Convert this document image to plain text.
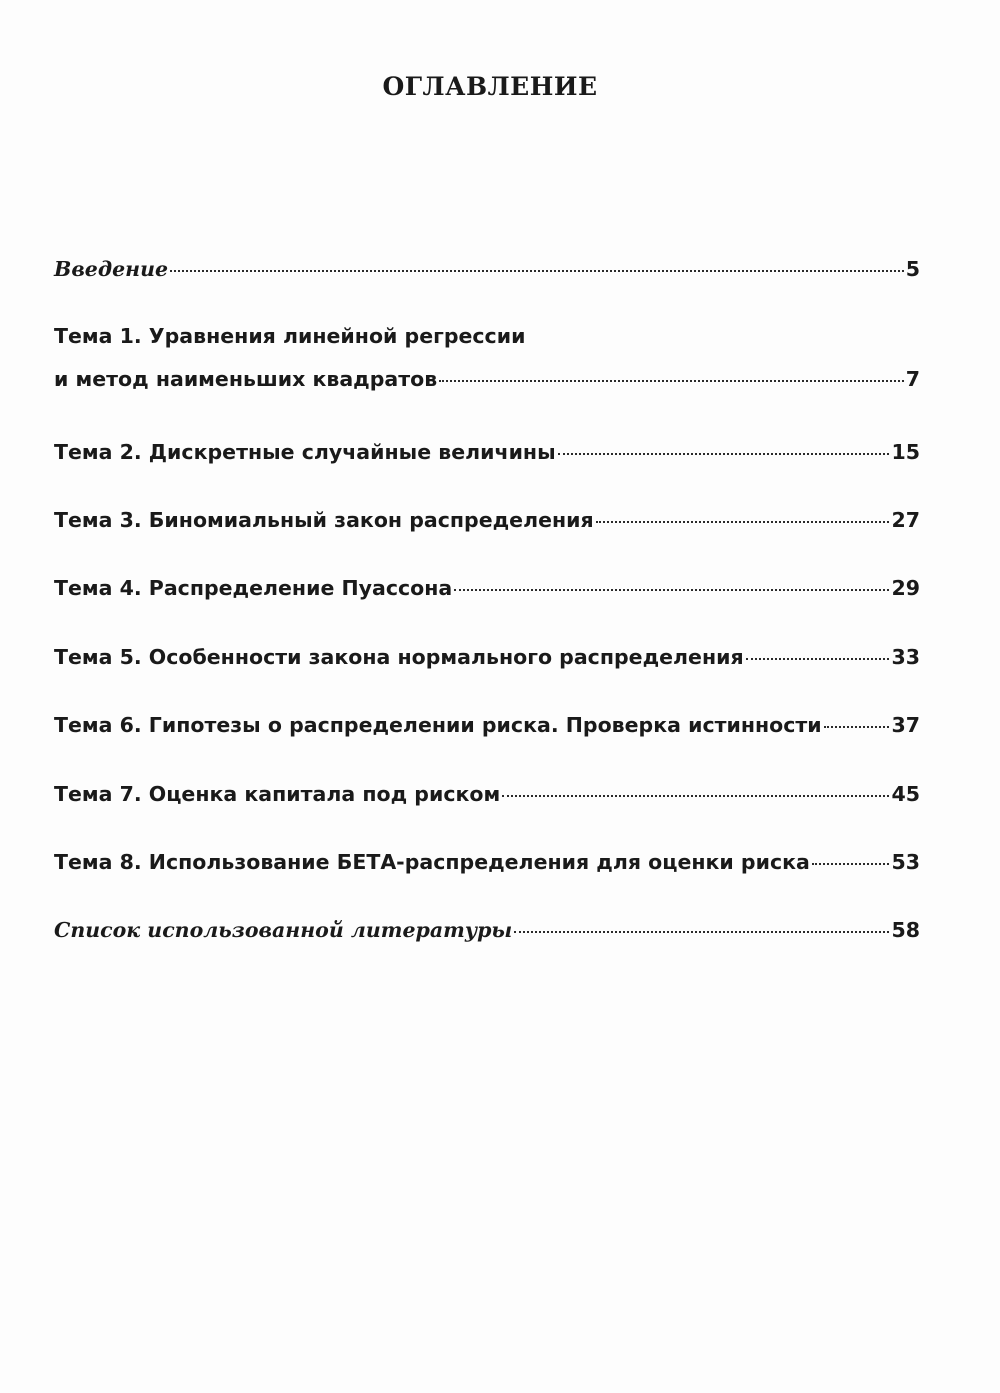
ОГЛАВЛЕНИЕ
Введение	5
Тема 1. Уравнения линейной регрессии
и метод наименьших квадратов	7
Тема 2. Дискретные случайные величины	15
Тема 3. Биномиальный закон распределения	27
Тема 4. Распределение Пуассона	29
Тема 5. Особенности закона нормального распределения	33
Тема 6. Гипотезы о распределении риска. Проверка истинности	37
Тема 7. Оценка капитала под риском	45
Тема 8. Использование БЕТА-распределения для оценки риска	53
Список использованной литературы	58
